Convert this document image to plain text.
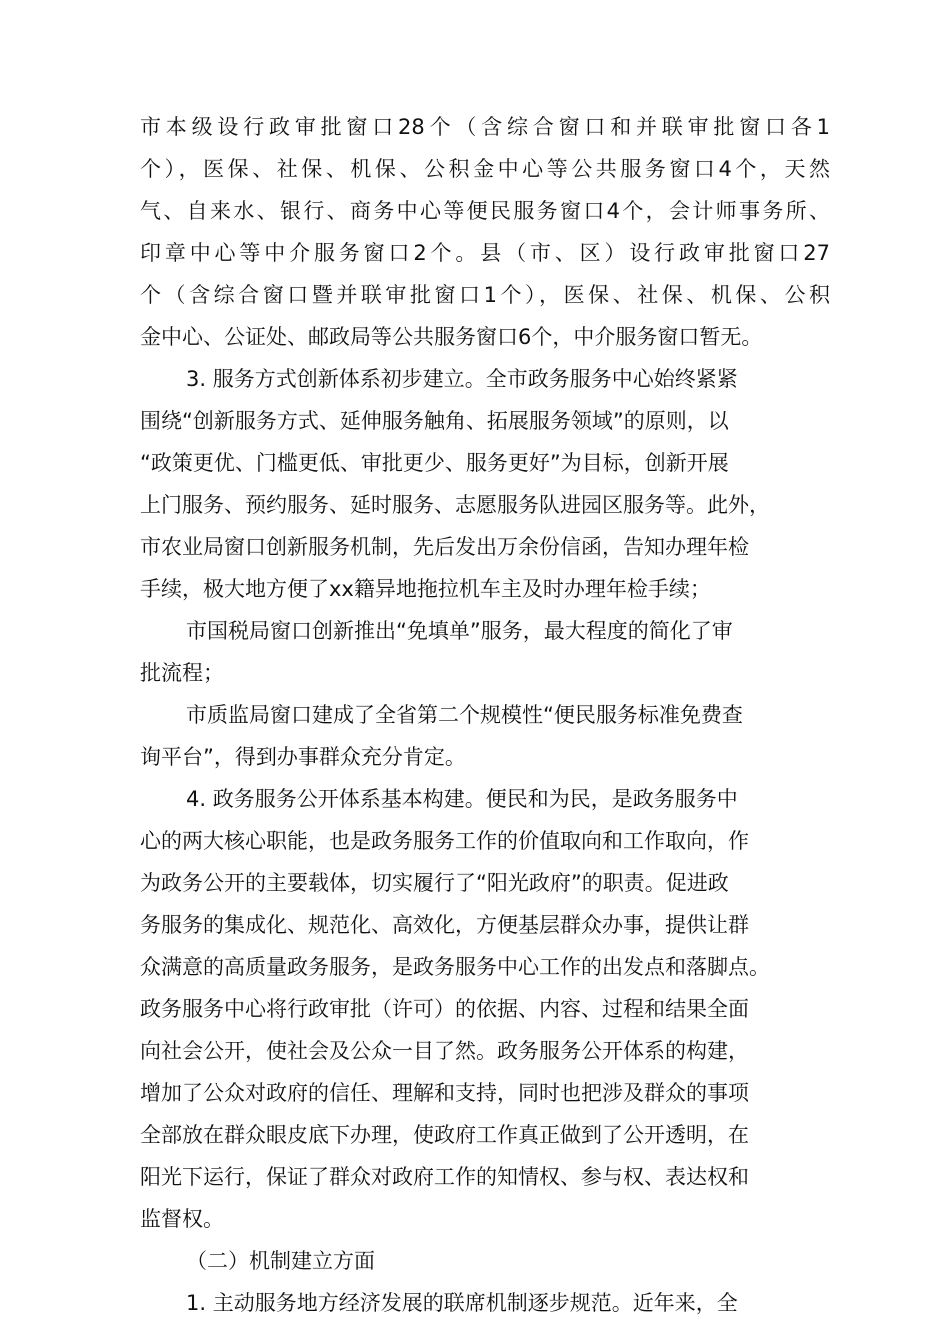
市本级设行政审批窗口28个（含综合窗口和并联审批窗口各1
个），医保、社保、机保、公积金中心等公共服务窗口4个，天然
气、自来水、银行、商务中心等便民服务窗口4个，会计师事务所、
印章中心等中介服务窗口2个。县（市、区）设行政审批窗口27
个（含综合窗口暨并联审批窗口1个），医保、社保、机保、公积
金中心、公证处、邮政局等公共服务窗口6个，中介服务窗口暂无。
3. 服务方式创新体系初步建立。全市政务服务中心始终紧紧
围绕“创新服务方式、延伸服务触角、拓展服务领域”的原则，以
“政策更优、门槛更低、审批更少、服务更好”为目标，创新开展
上门服务、预约服务、延时服务、志愿服务队进园区服务等。此外，
市农业局窗口创新服务机制，先后发出万余份信函，告知办理年检
手续，极大地方便了xx籍异地拖拉机车主及时办理年检手续；
市国税局窗口创新推出“免填单”服务，最大程度的简化了审
批流程；
市质监局窗口建成了全省第二个规模性“便民服务标准免费查
询平台”，得到办事群众充分肯定。
4. 政务服务公开体系基本构建。便民和为民，是政务服务中
心的两大核心职能，也是政务服务工作的价值取向和工作取向，作
为政务公开的主要载体，切实履行了“阳光政府”的职责。促进政
务服务的集成化、规范化、高效化，方便基层群众办事，提供让群
众满意的高质量政务服务，是政务服务中心工作的出发点和落脚点。
政务服务中心将行政审批（许可）的依据、内容、过程和结果全面
向社会公开，使社会及公众一目了然。政务服务公开体系的构建，
增加了公众对政府的信任、理解和支持，同时也把涉及群众的事项
全部放在群众眼皮底下办理，使政府工作真正做到了公开透明，在
阳光下运行，保证了群众对政府工作的知情权、参与权、表达权和
监督权。
（二）机制建立方面
1. 主动服务地方经济发展的联席机制逐步规范。近年来，全
